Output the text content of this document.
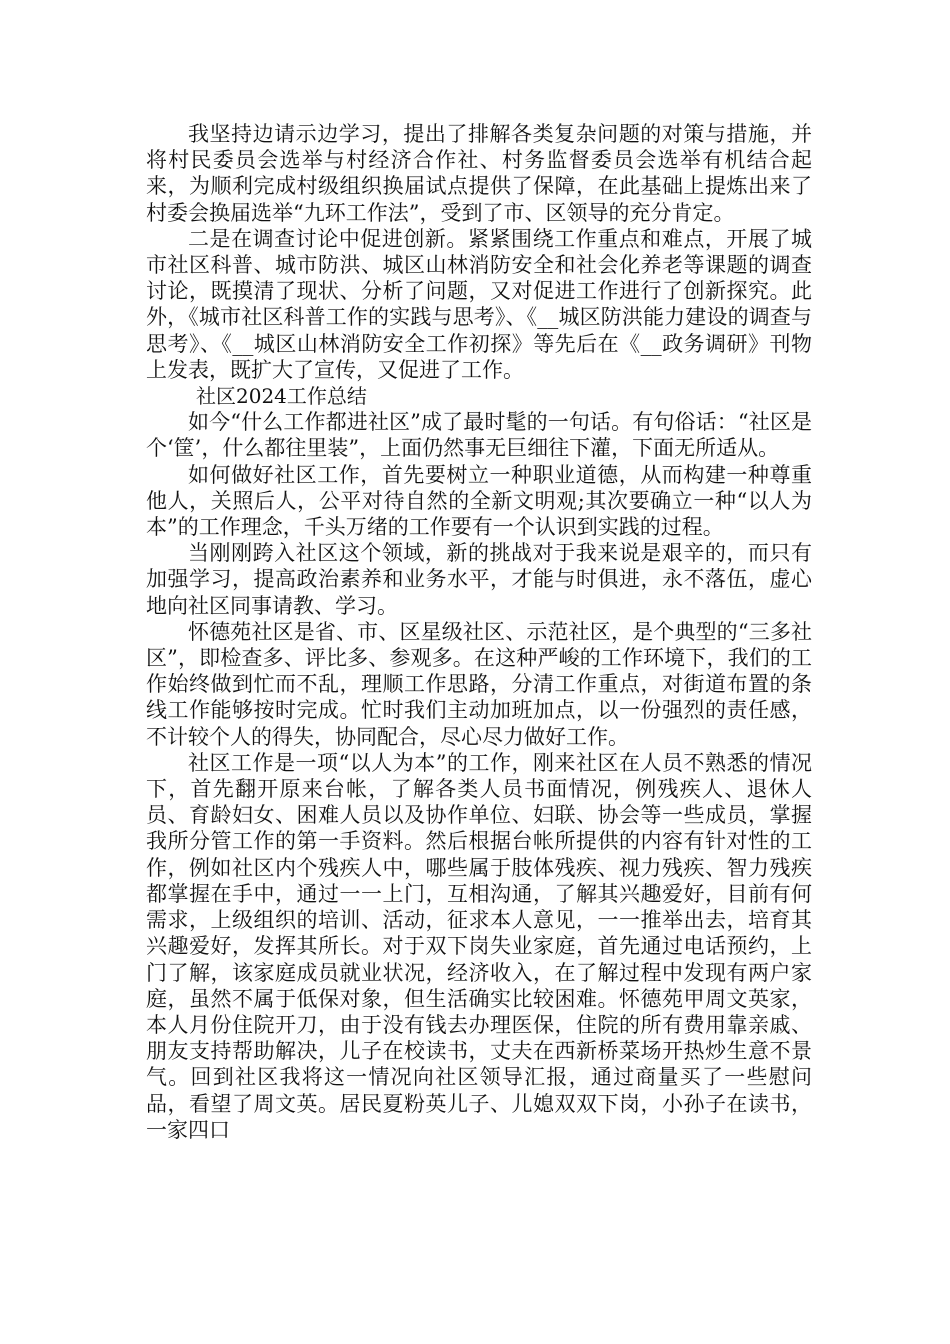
我坚持边请示边学习，提出了排解各类复杂问题的对策与措施，并将村民委员会选举与村经济合作社、村务监督委员会选举有机结合起来，为顺利完成村级组织换届试点提供了保障，在此基础上提炼出来了村委会换届选举“九环工作法”，受到了市、区领导的充分肯定。

二是在调查讨论中促进创新。紧紧围绕工作重点和难点，开展了城市社区科普、城市防洪、城区山林消防安全和社会化养老等课题的调查讨论，既摸清了现状、分析了问题，又对促进工作进行了创新探究。此外，《城市社区科普工作的实践与思考》、《__城区防洪能力建设的调查与思考》、《__城区山林消防安全工作初探》等先后在《__政务调研》刊物上发表，既扩大了宣传，又促进了工作。

社区2024工作总结

如今“什么工作都进社区”成了最时髦的一句话。有句俗话：“社区是个‘筐’，什么都往里装”，上面仍然事无巨细往下灌，下面无所适从。

如何做好社区工作，首先要树立一种职业道德，从而构建一种尊重他人，关照后人，公平对待自然的全新文明观;其次要确立一种“以人为本”的工作理念，千头万绪的工作要有一个认识到实践的过程。

当刚刚跨入社区这个领域，新的挑战对于我来说是艰辛的，而只有加强学习，提高政治素养和业务水平，才能与时俱进，永不落伍，虚心地向社区同事请教、学习。

怀德苑社区是省、市、区星级社区、示范社区，是个典型的“三多社区”，即检查多、评比多、参观多。在这种严峻的工作环境下，我们的工作始终做到忙而不乱，理顺工作思路，分清工作重点，对街道布置的条线工作能够按时完成。忙时我们主动加班加点，以一份强烈的责任感，不计较个人的得失，协同配合，尽心尽力做好工作。

社区工作是一项“以人为本”的工作，刚来社区在人员不熟悉的情况下，首先翻开原来台帐，了解各类人员书面情况，例残疾人、退休人员、育龄妇女、困难人员以及协作单位、妇联、协会等一些成员，掌握我所分管工作的第一手资料。然后根据台帐所提供的内容有针对性的工作，例如社区内个残疾人中，哪些属于肢体残疾、视力残疾、智力残疾都掌握在手中，通过一一上门，互相沟通，了解其兴趣爱好，目前有何需求，上级组织的培训、活动，征求本人意见，一一推举出去，培育其兴趣爱好，发挥其所长。对于双下岗失业家庭，首先通过电话预约，上门了解，该家庭成员就业状况，经济收入，在了解过程中发现有两户家庭，虽然不属于低保对象，但生活确实比较困难。怀德苑甲周文英家，本人月份住院开刀，由于没有钱去办理医保，住院的所有费用靠亲戚、朋友支持帮助解决，儿子在校读书，丈夫在西新桥菜场开热炒生意不景气。回到社区我将这一情况向社区领导汇报，通过商量买了一些慰问品，看望了周文英。居民夏粉英儿子、儿媳双双下岗，小孙子在读书，一家四口
